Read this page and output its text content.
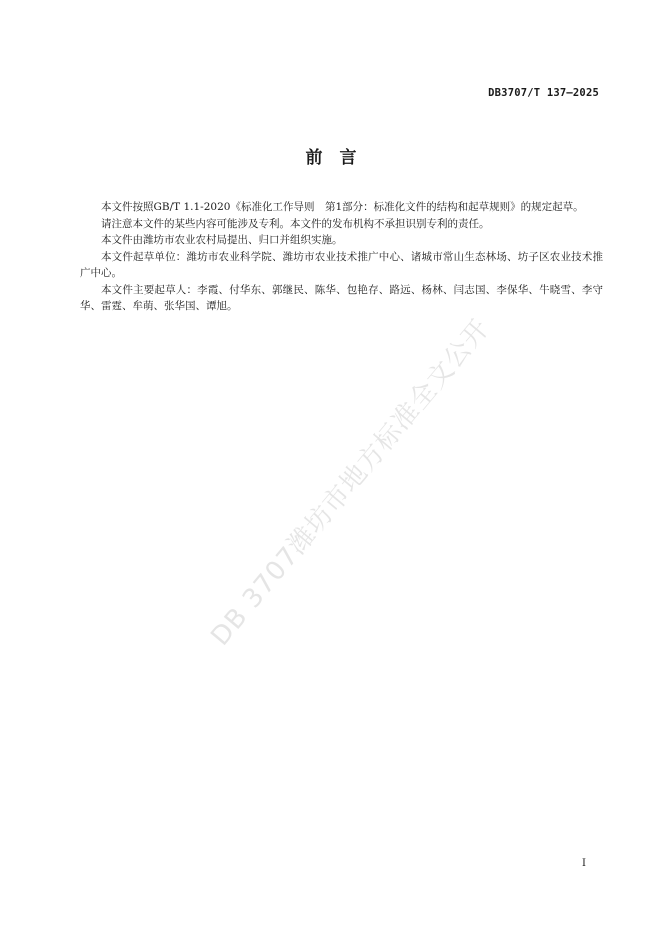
DB3707/T 137—2025
前　言

本文件按照GB/T 1.1-2020《标准化工作导则　第1部分：标准化文件的结构和起草规则》的规定起草。

请注意本文件的某些内容可能涉及专利。本文件的发布机构不承担识别专利的责任。

本文件由潍坊市农业农村局提出、归口并组织实施。

本文件起草单位：潍坊市农业科学院、潍坊市农业技术推广中心、诸城市常山生态林场、坊子区农业技术推广中心。

本文件主要起草人：李霞、付华东、郭继民、陈华、包艳存、路远、杨林、闫志国、李保华、牛晓雪、李守华、雷霆、牟萌、张华国、谭旭。

DB 3707潍坊市地方标准全文公开
I
